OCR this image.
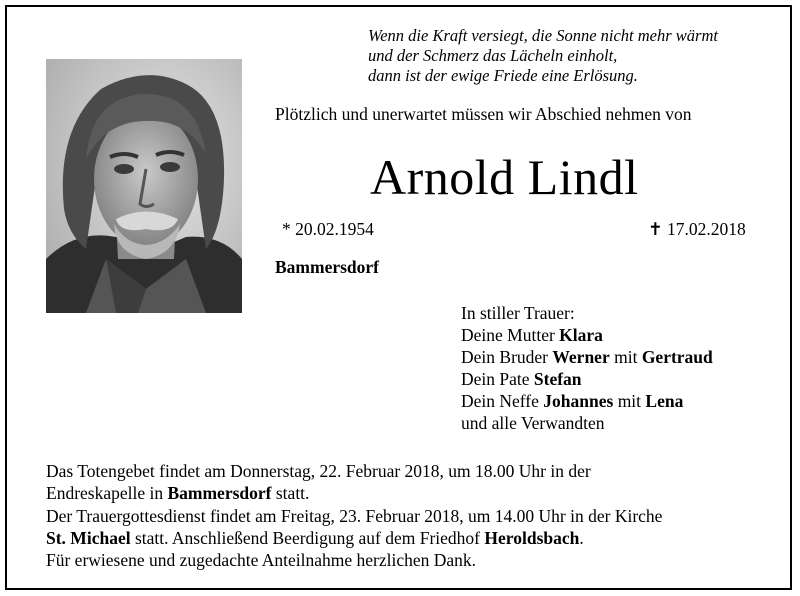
Wenn die Kraft versiegt, die Sonne nicht mehr wärmt
und der Schmerz das Lächeln einholt,
dann ist der ewige Friede eine Erlösung.
Plötzlich und unerwartet müssen wir Abschied nehmen von
Arnold Lindl
* 20.02.1954	✝ 17.02.2018
Bammersdorf
In stiller Trauer:
Deine Mutter Klara
Dein Bruder Werner mit Gertraud
Dein Pate Stefan
Dein Neffe Johannes mit Lena
und alle Verwandten
Das Totengebet findet am Donnerstag, 22. Februar 2018, um 18.00 Uhr in der
Endreskapelle in Bammersdorf statt.
Der Trauergottesdienst findet am Freitag, 23. Februar 2018, um 14.00 Uhr in der Kirche
St. Michael statt. Anschließend Beerdigung auf dem Friedhof Heroldsbach.
Für erwiesene und zugedachte Anteilnahme herzlichen Dank.
